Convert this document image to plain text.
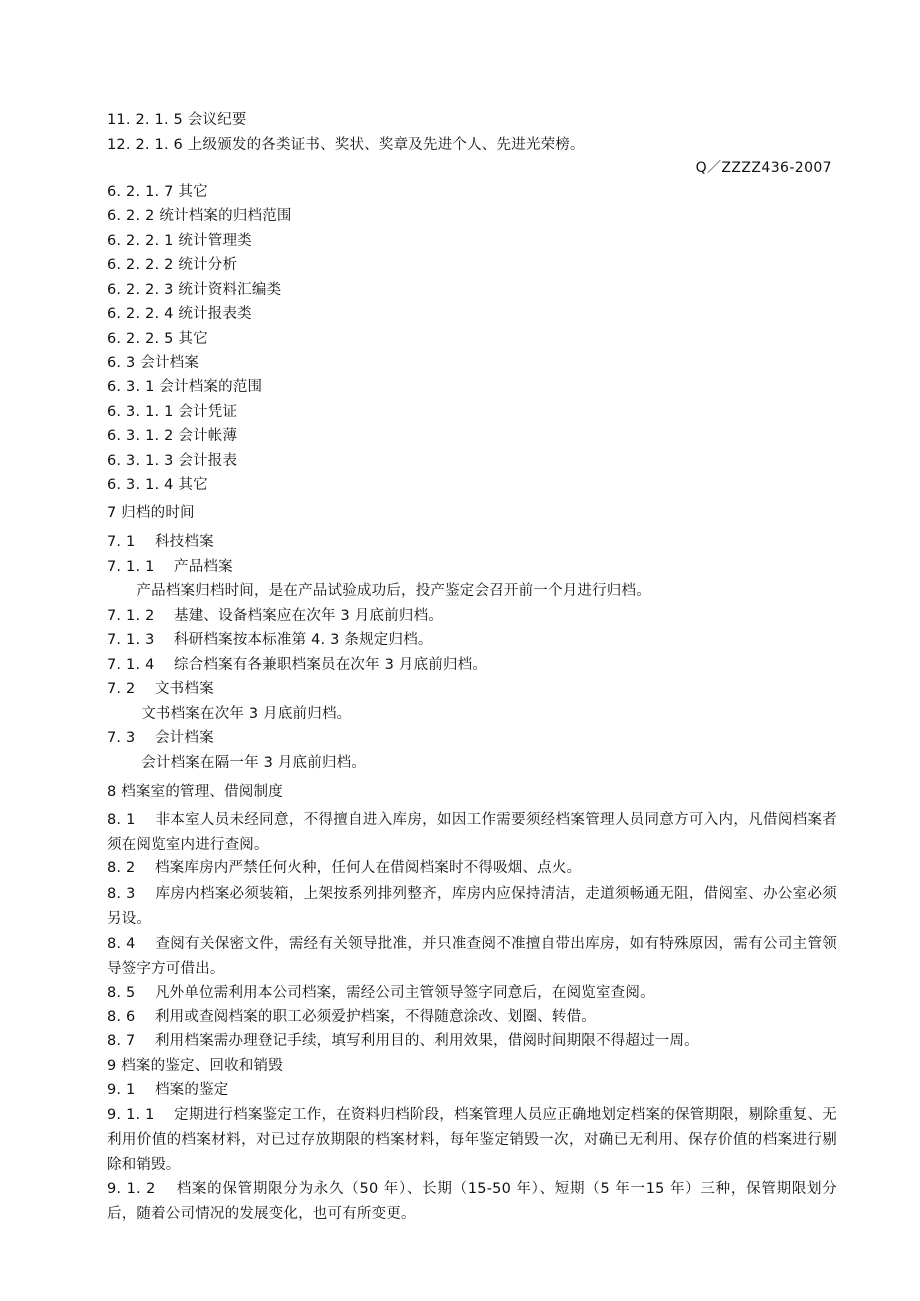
11. 2. 1. 5 会议纪要
12. 2. 1. 6 上级颁发的各类证书、奖状、奖章及先进个人、先进光荣榜。
Q／ZZZZ436-2007
6. 2. 1. 7 其它
6. 2. 2 统计档案的归档范围
6. 2. 2. 1 统计管理类
6. 2. 2. 2 统计分析
6. 2. 2. 3 统计资料汇编类
6. 2. 2. 4 统计报表类
6. 2. 2. 5 其它
6. 3 会计档案
6. 3. 1 会计档案的范围
6. 3. 1. 1 会计凭证
6. 3. 1. 2 会计帐薄
6. 3. 1. 3 会计报表
6. 3. 1. 4 其它
7 归档的时间
7. 1　 科技档案
7. 1. 1　 产品档案
　　产品档案归档时间，是在产品试验成功后，投产鉴定会召开前一个月进行归档。
7. 1. 2　 基建、设备档案应在次年 3 月底前归档。
7. 1. 3　 科研档案按本标准第 4. 3 条规定归档。
7. 1. 4　 综合档案有各兼职档案员在次年 3 月底前归档。
7. 2　 文书档案
　　 文书档案在次年 3 月底前归档。
7. 3　 会计档案
　　 会计档案在隔一年 3 月底前归档。
8 档案室的管理、借阅制度
8. 1　 非本室人员未经同意，不得擅自进入库房，如因工作需要须经档案管理人员同意方可入内，凡借阅档案者须在阅览室内进行查阅。
8. 2　 档案库房内严禁任何火种，任何人在借阅档案时不得吸烟、点火。
8. 3　 库房内档案必须装箱，上架按系列排列整齐，库房内应保持清洁，走道须畅通无阻，借阅室、办公室必须另设。
8. 4　 查阅有关保密文件，需经有关领导批准，并只准查阅不准擅自带出库房，如有特殊原因，需有公司主管领导签字方可借出。
8. 5　 凡外单位需利用本公司档案，需经公司主管领导签字同意后，在阅览室查阅。
8. 6　 利用或查阅档案的职工必须爱护档案，不得随意涂改、划圈、转借。
8. 7　 利用档案需办理登记手续，填写利用目的、利用效果，借阅时间期限不得超过一周。
9 档案的鉴定、回收和销毁
9. 1　 档案的鉴定
9. 1. 1　 定期进行档案鉴定工作，在资料归档阶段，档案管理人员应正确地划定档案的保管期限，剔除重复、无利用价值的档案材料，对已过存放期限的档案材料，每年鉴定销毁一次，对确已无利用、保存价值的档案进行剔除和销毁。
9. 1. 2　 档案的保管期限分为永久（50 年）、长期（15-50 年）、短期（5 年一15 年）三种，保管期限划分后，随着公司情况的发展变化，也可有所变更。
